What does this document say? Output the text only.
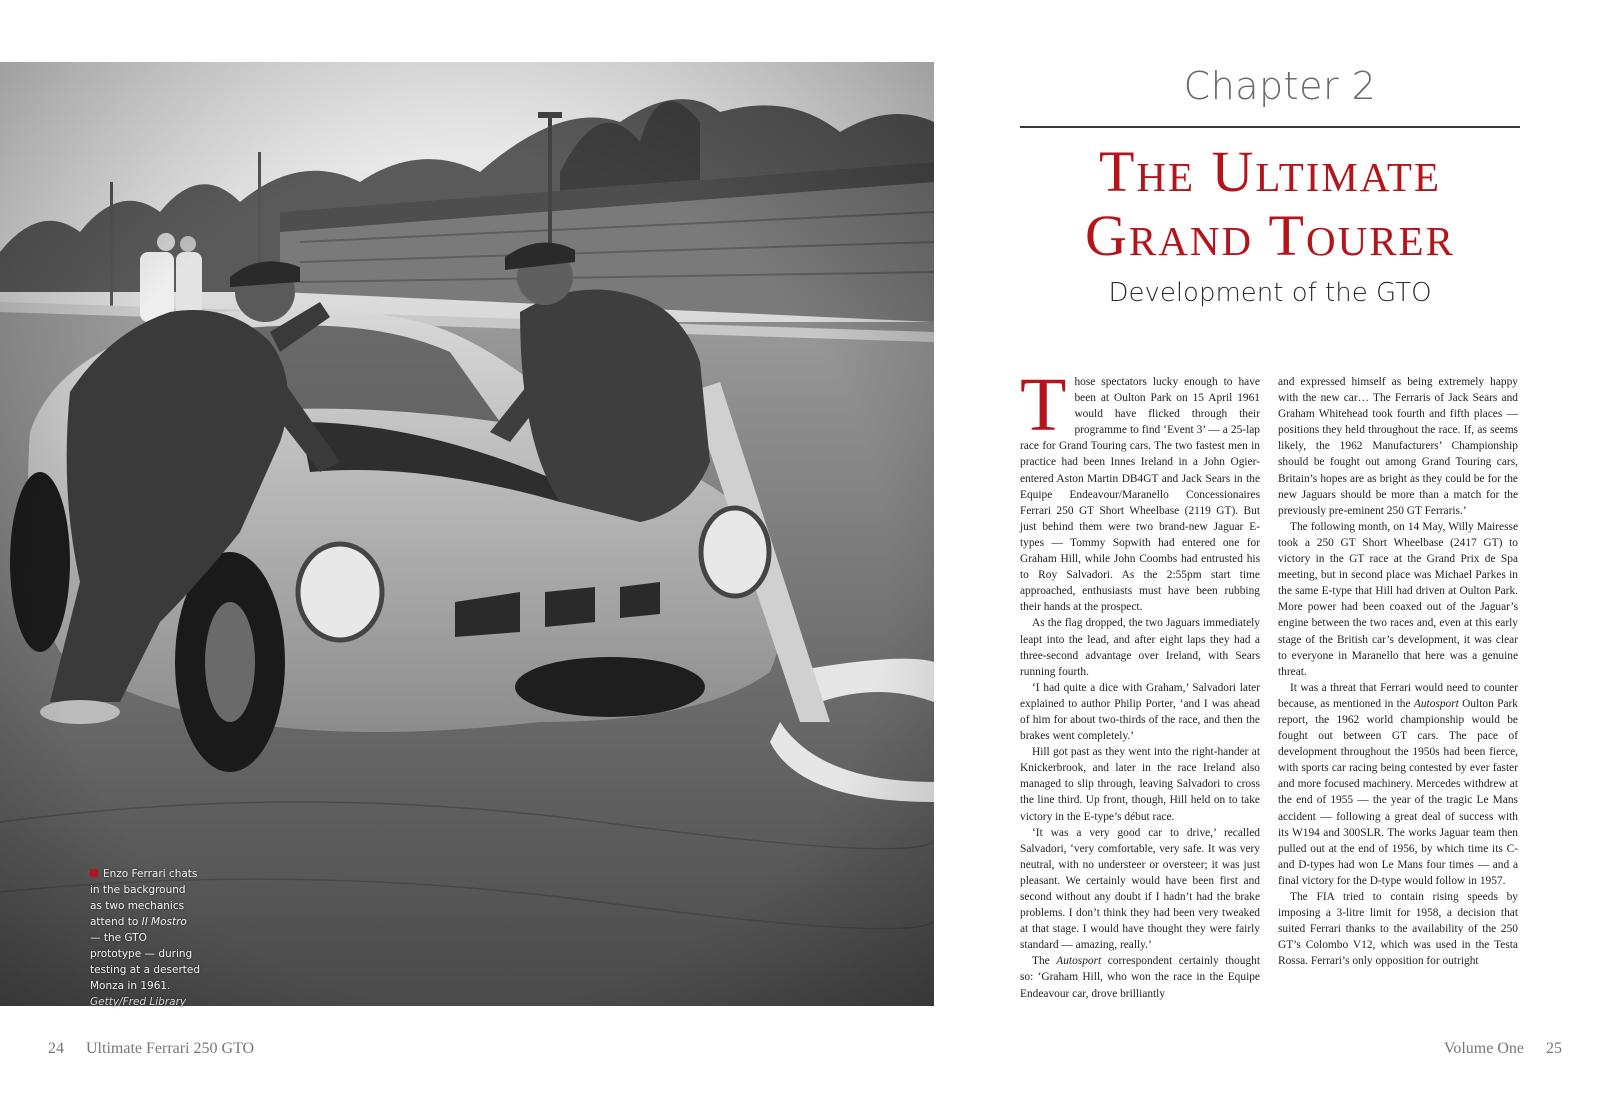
Enzo Ferrari chats in the background as two mechanics attend to Il Mostro — the GTO prototype — during testing at a deserted Monza in 1961.
Getty/Fred Library
24 Ultimate Ferrari 250 GTO
Chapter 2
The Ultimate
Grand Tourer
Development of the GTO

Those spectators lucky enough to have been at Oulton Park on 15 April 1961 would have flicked through their programme to find ‘Event 3’ — a 25-lap race for Grand Touring cars. The two fastest men in practice had been Innes Ireland in a John Ogier-entered Aston Martin DB4GT and Jack Sears in the Equipe Endeavour/Maranello Concessionaires Ferrari 250 GT Short Wheelbase (2119 GT). But just behind them were two brand-new Jaguar E-types — Tommy Sopwith had entered one for Graham Hill, while John Coombs had entrusted his to Roy Salvadori. As the 2:55pm start time approached, enthusiasts must have been rubbing their hands at the prospect.

As the flag dropped, the two Jaguars immediately leapt into the lead, and after eight laps they had a three-second advantage over Ireland, with Sears running fourth.

‘I had quite a dice with Graham,’ Salvadori later explained to author Philip Porter, ‘and I was ahead of him for about two-thirds of the race, and then the brakes went completely.’

Hill got past as they went into the right-hander at Knickerbrook, and later in the race Ireland also managed to slip through, leaving Salvadori to cross the line third. Up front, though, Hill held on to take victory in the E-type’s début race.

‘It was a very good car to drive,’ recalled Salvadori, ‘very comfortable, very safe. It was very neutral, with no understeer or oversteer; it was just pleasant. We certainly would have been first and second without any doubt if I hadn’t had the brake problems. I don’t think they had been very tweaked at that stage. I would have thought they were fairly standard — amazing, really.’

The Autosport correspondent certainly thought so: ‘Graham Hill, who won the race in the Equipe Endeavour car, drove brilliantly

and expressed himself as being extremely happy with the new car… The Ferraris of Jack Sears and Graham Whitehead took fourth and fifth places — positions they held throughout the race. If, as seems likely, the 1962 Manufacturers’ Championship should be fought out among Grand Touring cars, Britain’s hopes are as bright as they could be for the new Jaguars should be more than a match for the previously pre-eminent 250 GT Ferraris.’

The following month, on 14 May, Willy Mairesse took a 250 GT Short Wheelbase (2417 GT) to victory in the GT race at the Grand Prix de Spa meeting, but in second place was Michael Parkes in the same E-type that Hill had driven at Oulton Park. More power had been coaxed out of the Jaguar’s engine between the two races and, even at this early stage of the British car’s development, it was clear to everyone in Maranello that here was a genuine threat.

It was a threat that Ferrari would need to counter because, as mentioned in the Autosport Oulton Park report, the 1962 world championship would be fought out between GT cars. The pace of development throughout the 1950s had been fierce, with sports car racing being contested by ever faster and more focused machinery. Mercedes withdrew at the end of 1955 — the year of the tragic Le Mans accident — following a great deal of success with its W194 and 300SLR. The works Jaguar team then pulled out at the end of 1956, by which time its C- and D-types had won Le Mans four times — and a final victory for the D-type would follow in 1957.

The FIA tried to contain rising speeds by imposing a 3-litre limit for 1958, a decision that suited Ferrari thanks to the availability of the 250 GT’s Colombo V12, which was used in the Testa Rossa. Ferrari’s only opposition for outright

Volume One 25
